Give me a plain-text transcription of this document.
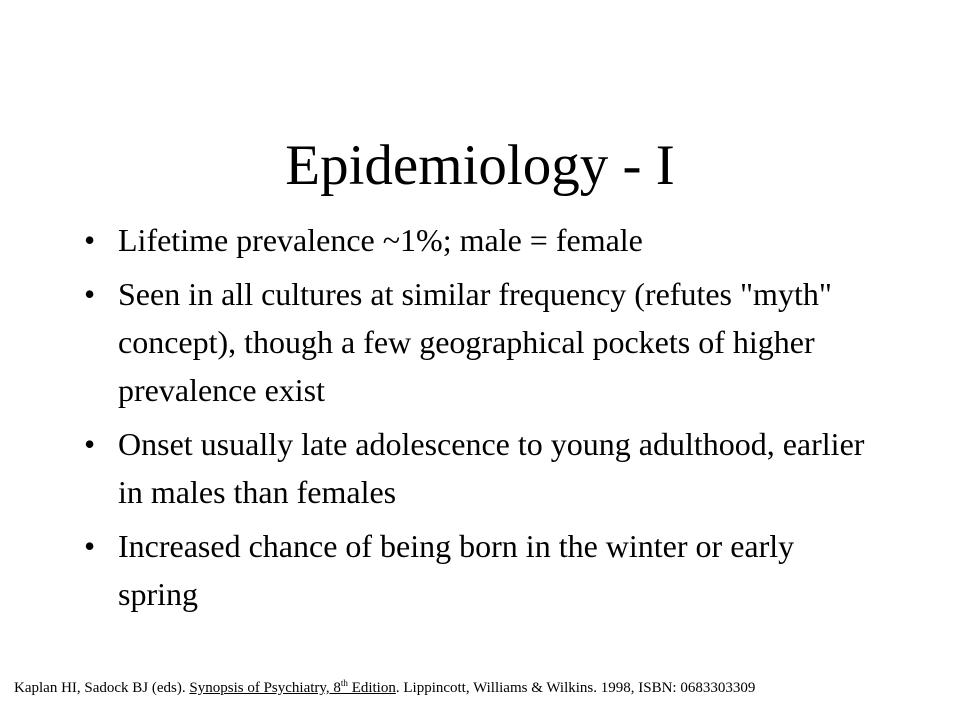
Epidemiology - I
• Lifetime prevalence ~1%; male = female
• Seen in all cultures at similar frequency (refutes "myth" concept), though a few geographical pockets of higher prevalence exist
• Onset usually late adolescence to young adulthood, earlier in males than females
• Increased chance of being born in the winter or early spring
Kaplan HI, Sadock BJ (eds). Synopsis of Psychiatry, 8th Edition. Lippincott, Williams & Wilkins. 1998, ISBN: 0683303309
